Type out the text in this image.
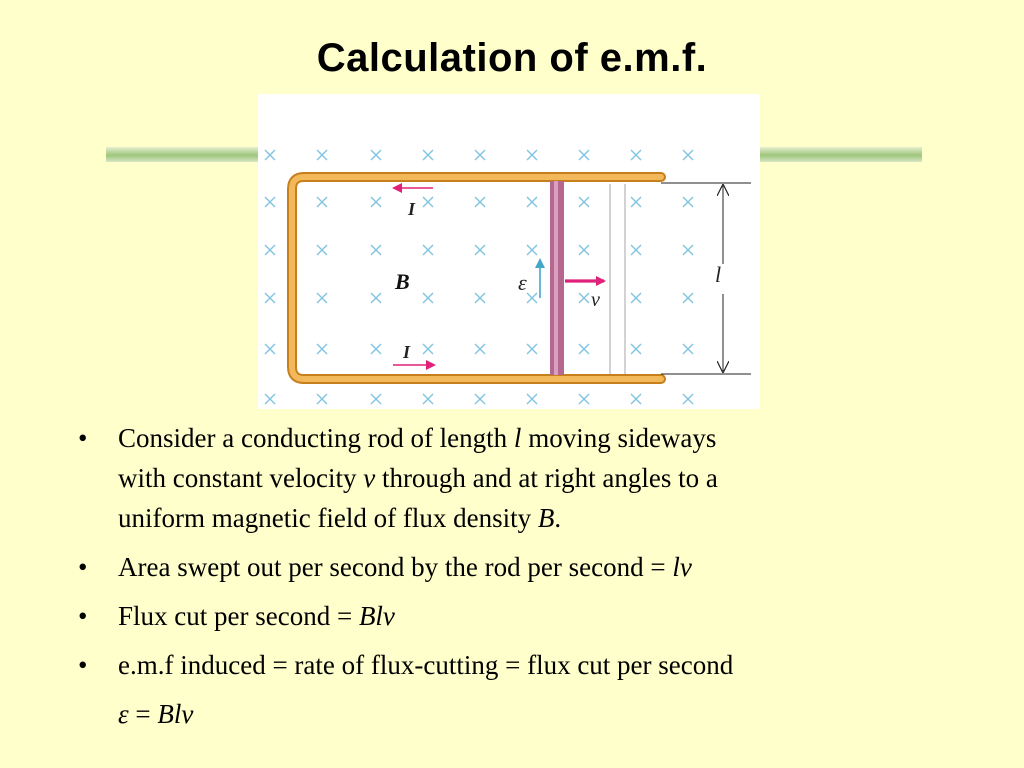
Calculation of e.m.f.
I
I
B	ε
v
l
• Consider a conducting rod of length l moving sideways
with constant velocity v through and at right angles to a
uniform magnetic field of flux density B.
• Area swept out per second by the rod per second = lv
• Flux cut per second = Blv
• e.m.f induced = rate of flux-cutting = flux cut per second
ε = Blv
